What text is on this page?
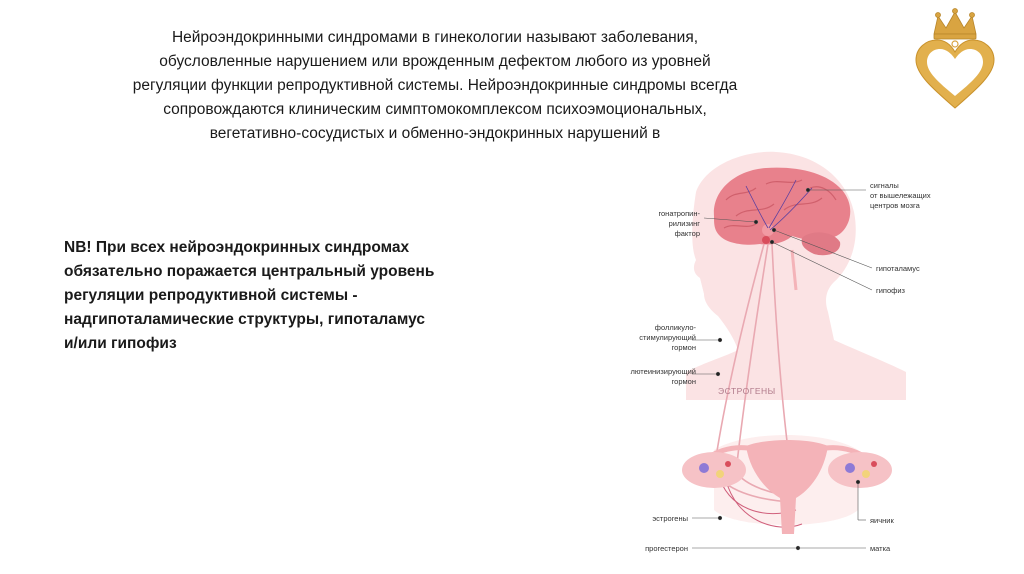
Нейроэндокринными синдромами в гинекологии называют заболевания,
обусловленные нарушением или врожденным дефектом любого из уровней
регуляции функции репродуктивной системы. Нейроэндокринные синдромы всегда
сопровождаются клиническим симптомокомплексом психоэмоциональных,
вегетативно-сосудистых и обменно-эндокринных нарушений в
NB! При всех нейроэндокринных синдромах
обязательно поражается центральный уровень
регуляции репродуктивной системы -
надгипоталамические структуры, гипоталамус
и/или гипофиз
сигналы
от вышележащих
центров мозга
гонатропин-
рилизинг
фактор
гипоталамус
гипофиз
фолликуло-
стимулирующий
гормон
лютеинизирующий
гормон
ЭСТРОГЕНЫ
эстрогены
прогестерон
яичник
матка
